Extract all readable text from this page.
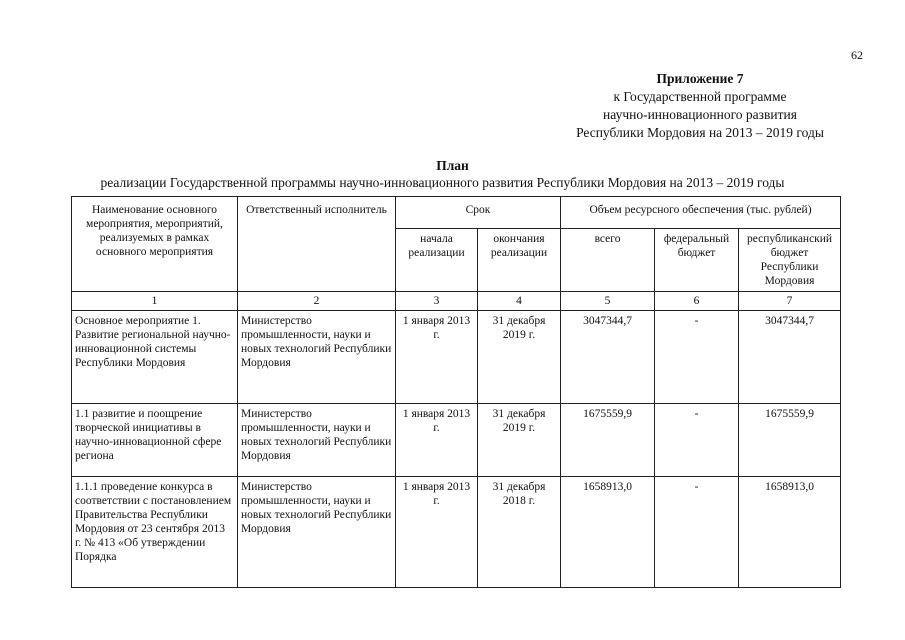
62
Приложение 7
к Государственной программе
научно-инновационного развития
Республики Мордовия на 2013 – 2019 годы
План
реализации Государственной программы научно-инновационного развития Республики Мордовия на 2013 – 2019 годы
Наименование основного мероприятия, мероприятий, реализуемых в рамках основного мероприятия	Ответственный исполнитель	Срок		Объем ресурсного обеспечения (тыс. рублей)		
		начала реализации	окончания реализации	всего	федеральный бюджет	республиканский бюджет Республики Мордовия
1	2	3	4	5	6	7
Основное мероприятие 1. Развитие региональной научно-инновационной системы Республики Мордовия	Министерство промышленности, науки и новых технологий Республики Мордовия	1 января 2013 г.	31 декабря 2019 г.	3047344,7	-	3047344,7
1.1 развитие и поощрение творческой инициативы в научно-инновационной сфере региона	Министерство промышленности, науки и новых технологий Республики Мордовия	1 января 2013 г.	31 декабря 2019 г.	1675559,9	-	1675559,9
1.1.1 проведение конкурса в соответствии с постановлением Правительства Республики Мордовия от 23 сентября 2013 г. № 413 «Об утверждении Порядка	Министерство промышленности, науки и новых технологий Республики Мордовия	1 января 2013 г.	31 декабря 2018 г.	1658913,0	-	1658913,0
